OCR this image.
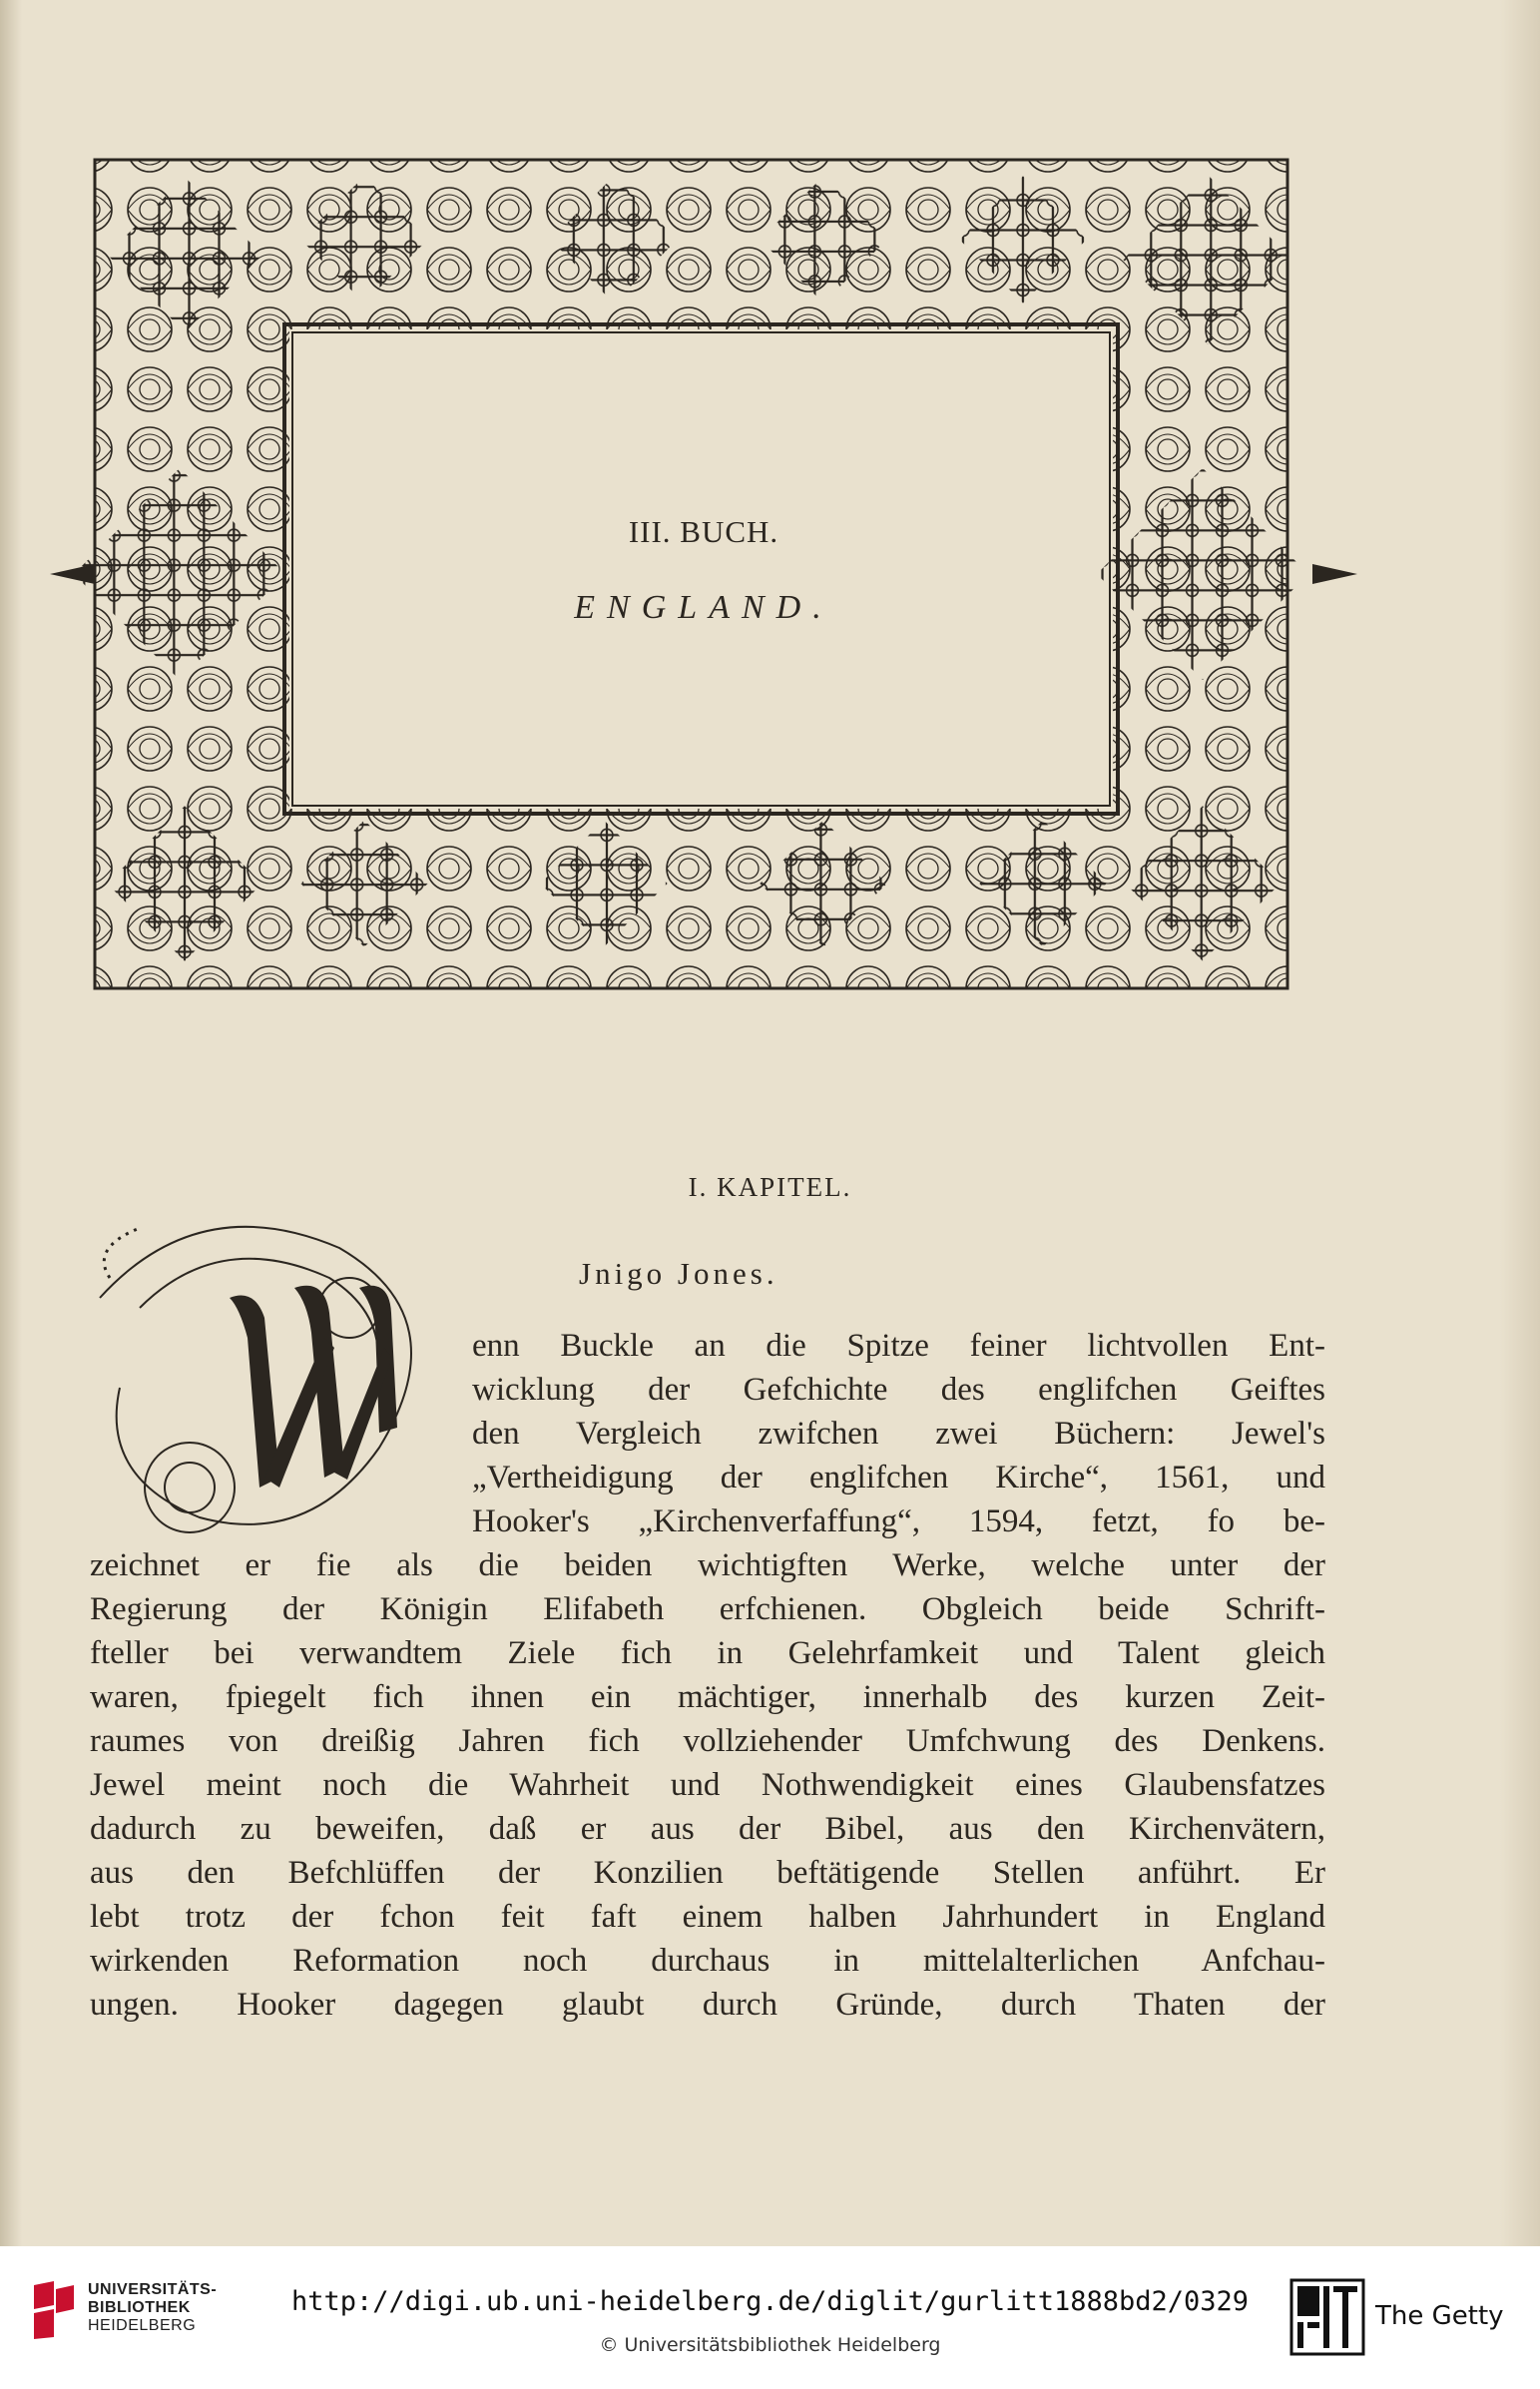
III. BUCH.
ENGLAND.
I. KAPITEL.
Jnigo Jones.
enn Buckle an die Spitze feiner lichtvollen Ent-
wicklung der Gefchichte des englifchen Geiftes
den Vergleich zwifchen zwei Büchern: Jewel's
„Vertheidigung der englifchen Kirche“, 1561, und
Hooker's „Kirchenverfaffung“, 1594, fetzt, fo be-
zeichnet er fie als die beiden wichtigften Werke, welche unter der
Regierung der Königin Elifabeth erfchienen. Obgleich beide Schrift-
fteller bei verwandtem Ziele fich in Gelehrfamkeit und Talent gleich
waren, fpiegelt fich ihnen ein mächtiger, innerhalb des kurzen Zeit-
raumes von dreißig Jahren fich vollziehender Umfchwung des Denkens.
Jewel meint noch die Wahrheit und Nothwendigkeit eines Glaubensfatzes
dadurch zu beweifen, daß er aus der Bibel, aus den Kirchenvätern,
aus den Befchlüffen der Konzilien beftätigende Stellen anführt. Er
lebt trotz der fchon feit faft einem halben Jahrhundert in England
wirkenden Reformation noch durchaus in mittelalterlichen Anfchau-
ungen. Hooker dagegen glaubt durch Gründe, durch Thaten der
UNIVERSITÄTS-
BIBLIOTHEK
HEIDELBERG
http://digi.ub.uni-heidelberg.de/diglit/gurlitt1888bd2/0329
© Universitätsbibliothek Heidelberg
The Getty
